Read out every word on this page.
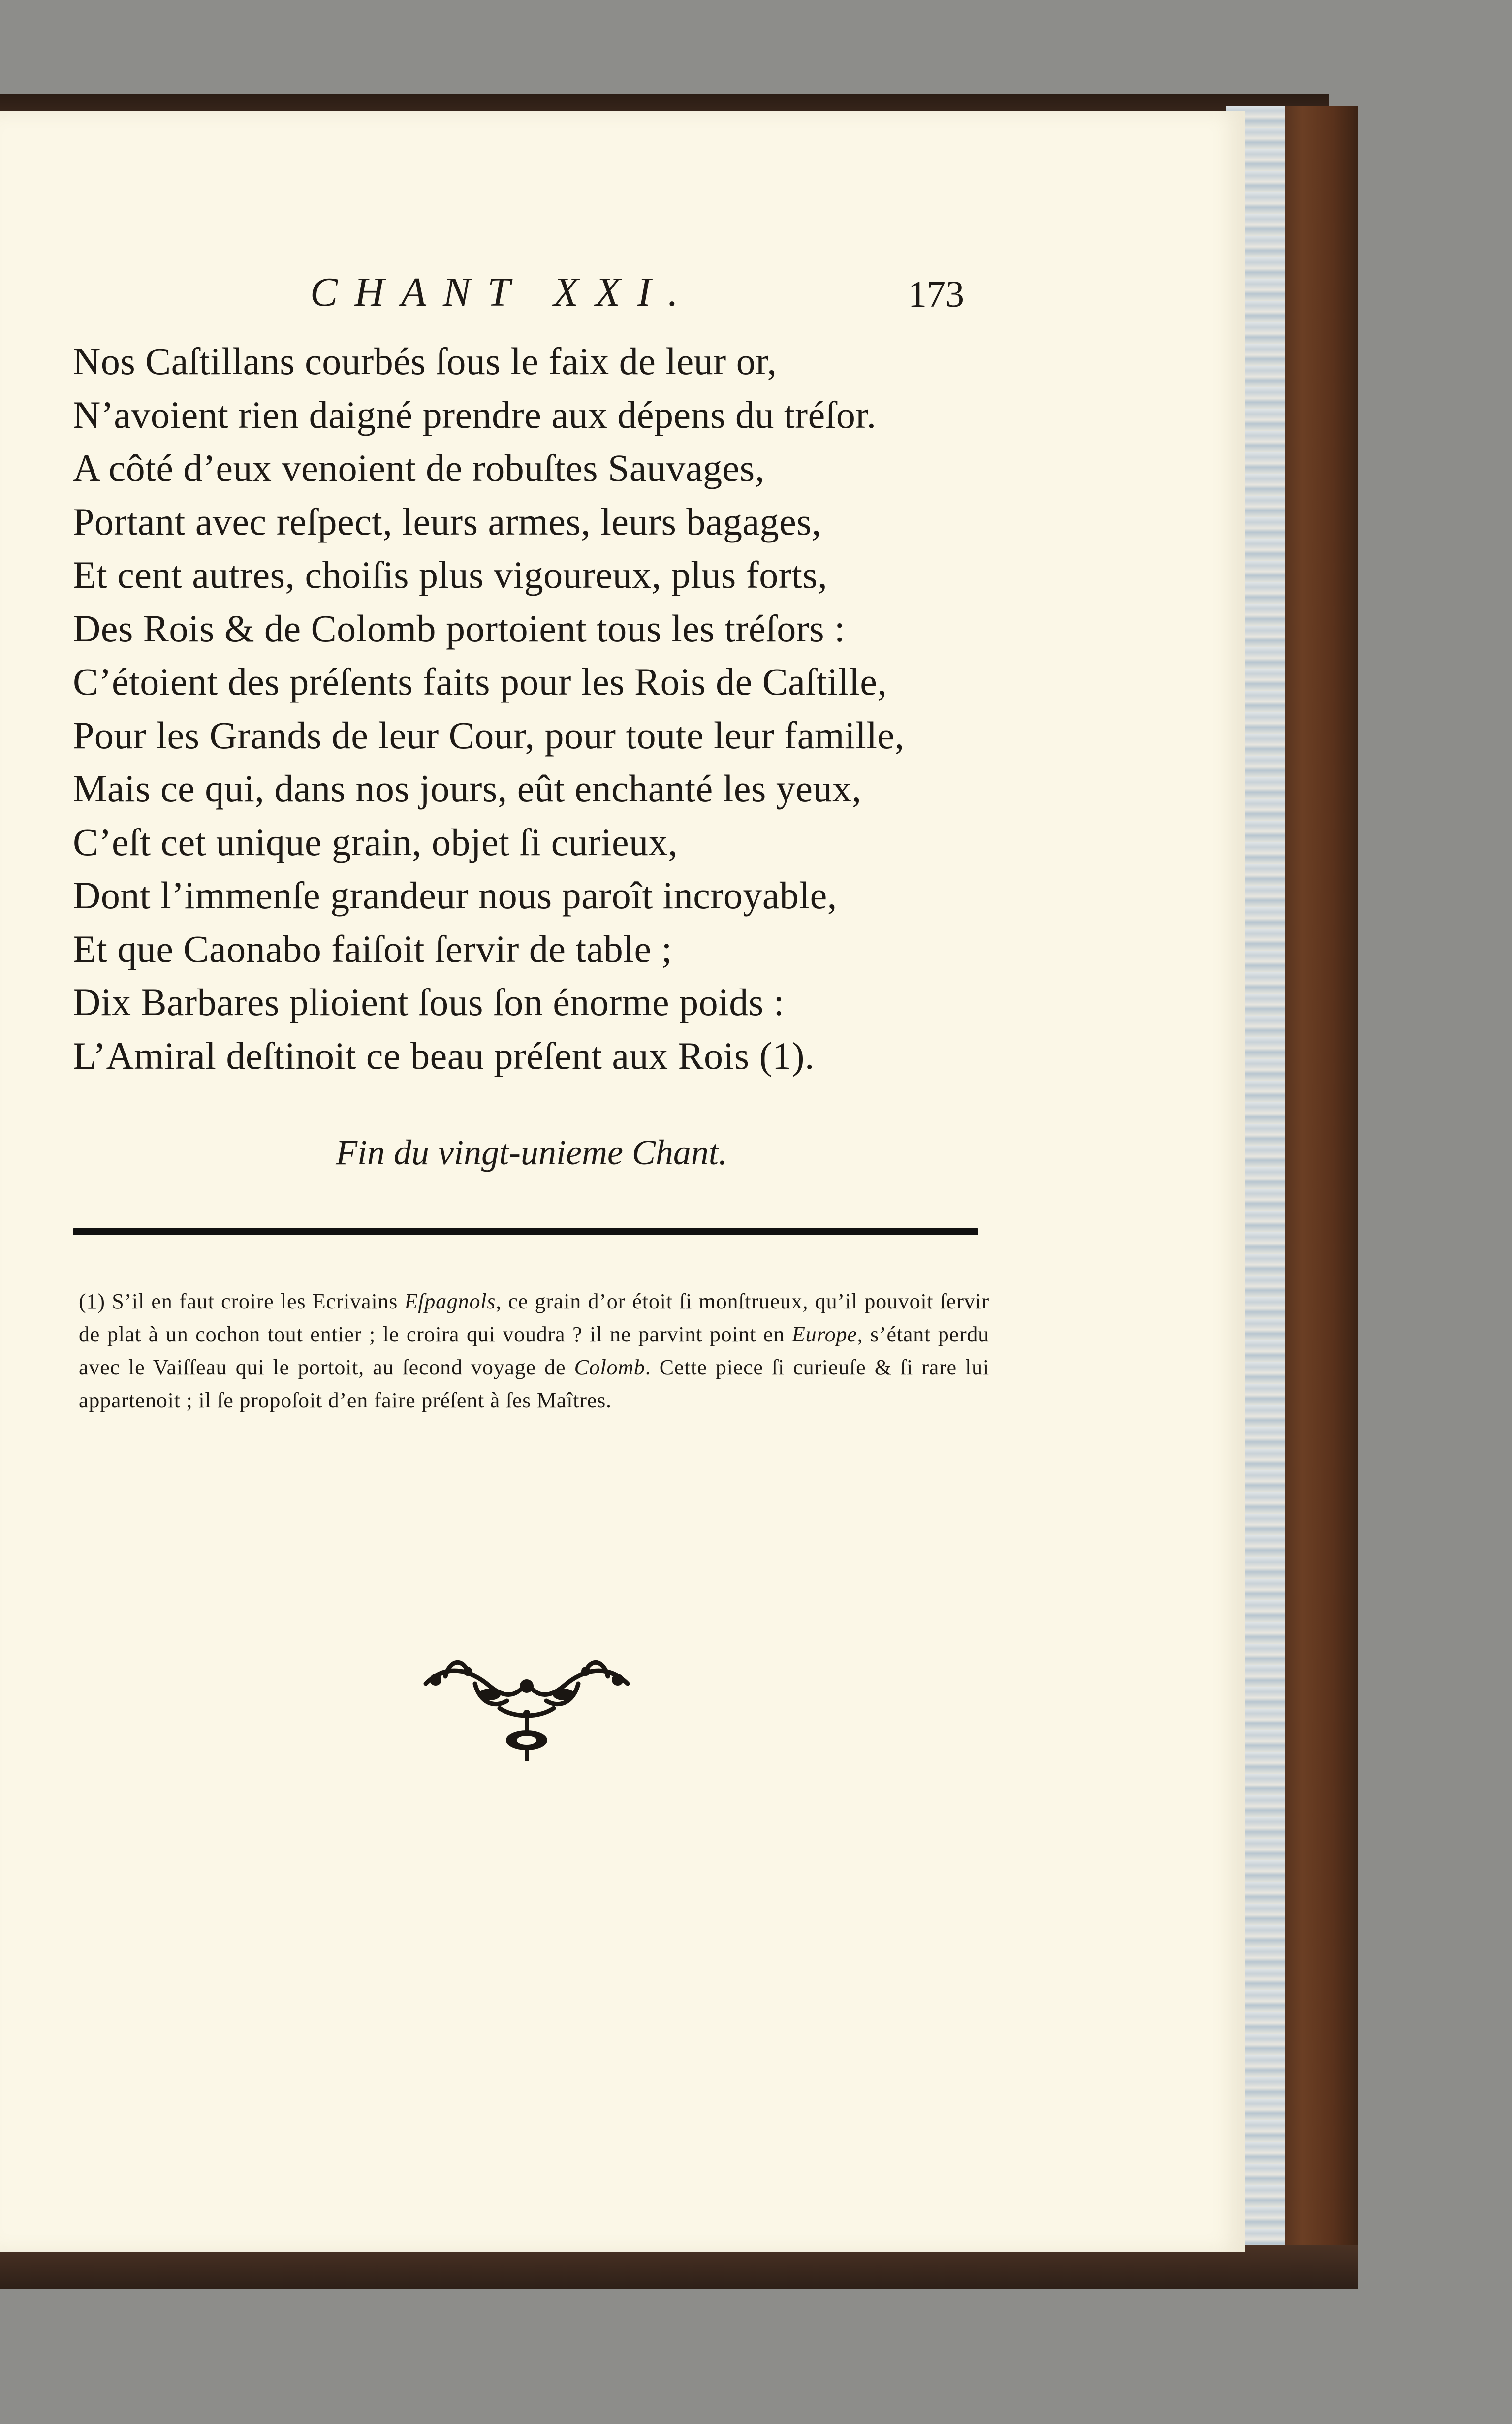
CHANT XXI.	173
Nos Caſtillans courbés ſous le faix de leur or,
N’avoient rien daigné prendre aux dépens du tréſor.
A côté d’eux venoient de robuſtes Sauvages,
Portant avec reſpect, leurs armes, leurs bagages,
Et cent autres, choiſis plus vigoureux, plus forts,
Des Rois & de Colomb portoient tous les tréſors :
C’étoient des préſents faits pour les Rois de Caſtille,
Pour les Grands de leur Cour, pour toute leur famille,
Mais ce qui, dans nos jours, eût enchanté les yeux,
C’eſt cet unique grain, objet ſi curieux,
Dont l’immenſe grandeur nous paroît incroyable,
Et que Caonabo faiſoit ſervir de table ;
Dix Barbares plioient ſous ſon énorme poids :
L’Amiral deſtinoit ce beau préſent aux Rois (1).
Fin du vingt-unieme Chant.

(1) S’il en faut croire les Ecrivains Eſpagnols, ce grain d’or étoit ſi monſtrueux, qu’il pouvoit ſervir de plat à un cochon tout entier ; le croira qui voudra ? il ne parvint point en Europe, s’étant perdu avec le Vaiſſeau qui le portoit, au ſecond voyage de Colomb. Cette piece ſi curieuſe & ſi rare lui appartenoit ; il ſe propoſoit d’en faire préſent à ſes Maîtres.
